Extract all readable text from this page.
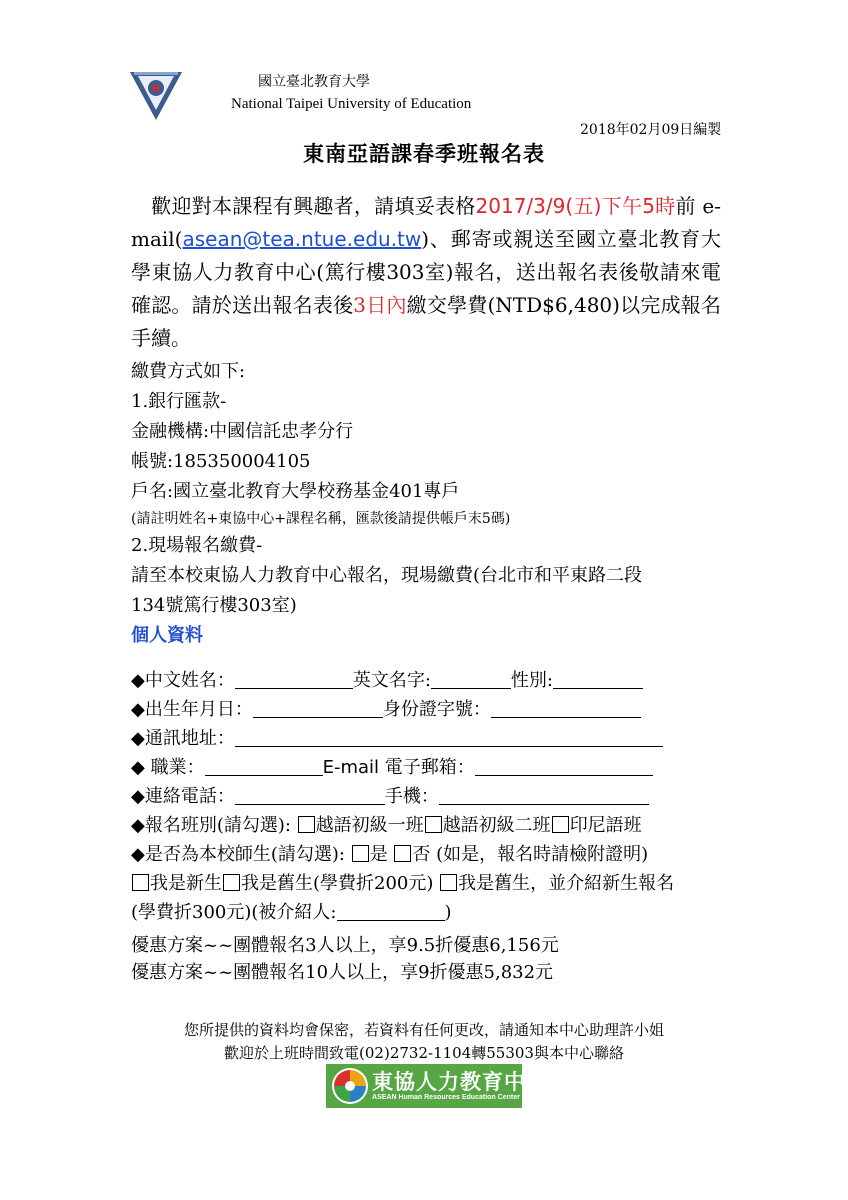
國立臺北教育大學
National Taipei University of Education
2018年02月09日編製
東南亞語課春季班報名表
 歡迎對本課程有興趣者，請填妥表格2017/3/9(五)下午5時前 e-mail(asean@tea.ntue.edu.tw)、郵寄或親送至國立臺北教育大學東協人力教育中心(篤行樓303室)報名，送出報名表後敬請來電確認。請於送出報名表後3日內繳交學費(NTD$6,480)以完成報名手續。
繳費方式如下:
1.銀行匯款-
金融機構:中國信託忠孝分行
帳號:185350004105
戶名:國立臺北教育大學校務基金401專戶
(請註明姓名+東協中心+課程名稱，匯款後請提供帳戶末5碼)
2.現場報名繳費-
請至本校東協人力教育中心報名，現場繳費(台北市和平東路二段
134號篤行樓303室)
個人資料
◆中文姓名：	英文名字:	性別:
◆出生年月日：	身份證字號：
◆通訊地址：
◆ 職業：	E-mail 電子郵箱：
◆連絡電話：	手機：
◆報名班別(請勾選): 越語初級一班 越語初級二班 印尼語班
◆是否為本校師生(請勾選): 是 否 (如是，報名時請檢附證明)
我是新生 我是舊生(學費折200元) 我是舊生，並介紹新生報名
(學費折300元)(被介紹人:	)
優惠方案~~團體報名3人以上，享9.5折優惠6,156元
優惠方案~~團體報名10人以上，享9折優惠5,832元
您所提供的資料均會保密，若資料有任何更改，請通知本中心助理許小姐
歡迎於上班時間致電(02)2732-1104轉55303與本中心聯絡
東協人力教育中心
ASEAN Human Resources Education Center
